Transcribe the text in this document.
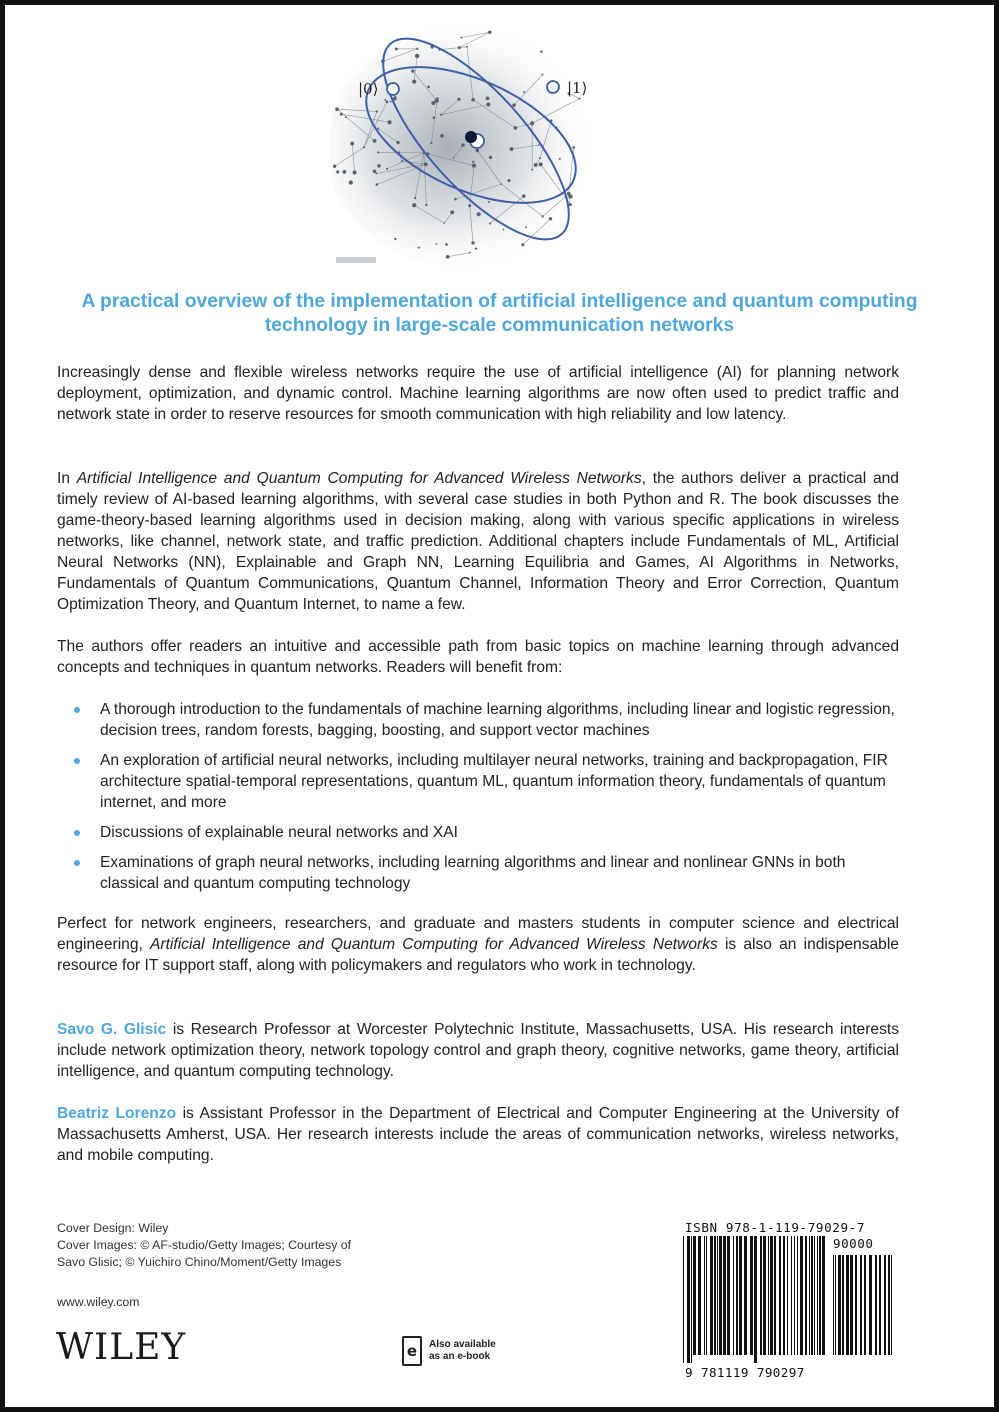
|0⟩	|1⟩
A practical overview of the implementation of artificial intelligence and quantum computing technology in large-scale communication networks

Increasingly dense and flexible wireless networks require the use of artificial intelligence (AI) for planning network deployment, optimization, and dynamic control. Machine learning algorithms are now often used to predict traffic and network state in order to reserve resources for smooth communication with high reliability and low latency.

In Artificial Intelligence and Quantum Computing for Advanced Wireless Networks, the authors deliver a practical and timely review of AI-based learning algorithms, with several case studies in both Python and R. The book discusses the game-theory-based learning algorithms used in decision making, along with various specific applications in wireless networks, like channel, network state, and traffic prediction. Additional chapters include Fundamentals of ML, Artificial Neural Networks (NN), Explainable and Graph NN, Learning Equilibria and Games, AI Algorithms in Networks, Fundamentals of Quantum Communications, Quantum Channel, Information Theory and Error Correction, Quantum Optimization Theory, and Quantum Internet, to name a few.

The authors offer readers an intuitive and accessible path from basic topics on machine learning through advanced concepts and techniques in quantum networks. Readers will benefit from:

A thorough introduction to the fundamentals of machine learning algorithms, including linear and logistic regression, decision trees, random forests, bagging, boosting, and support vector machines
An exploration of artificial neural networks, including multilayer neural networks, training and backpropagation, FIR architecture spatial-temporal representations, quantum ML, quantum information theory, fundamentals of quantum internet, and more
Discussions of explainable neural networks and XAI
Examinations of graph neural networks, including learning algorithms and linear and nonlinear GNNs in both classical and quantum computing technology

Perfect for network engineers, researchers, and graduate and masters students in computer science and electrical engineering, Artificial Intelligence and Quantum Computing for Advanced Wireless Networks is also an indispensable resource for IT support staff, along with policymakers and regulators who work in technology.

Savo G. Glisic is Research Professor at Worcester Polytechnic Institute, Massachusetts, USA. His research interests include network optimization theory, network topology control and graph theory, cognitive networks, game theory, artificial intelligence, and quantum computing technology.

Beatriz Lorenzo is Assistant Professor in the Department of Electrical and Computer Engineering at the University of Massachusetts Amherst, USA. Her research interests include the areas of communication networks, wireless networks, and mobile computing.

Cover Design: Wiley
Cover Images: © AF-studio/Getty Images; Courtesy of
Savo Glisic; © Yuichiro Chino/Moment/Getty Images
www.wiley.com
WILEY	e	Also available
as an e-book
ISBN 978-1-119-79029-7
90000
9 781119 790297
